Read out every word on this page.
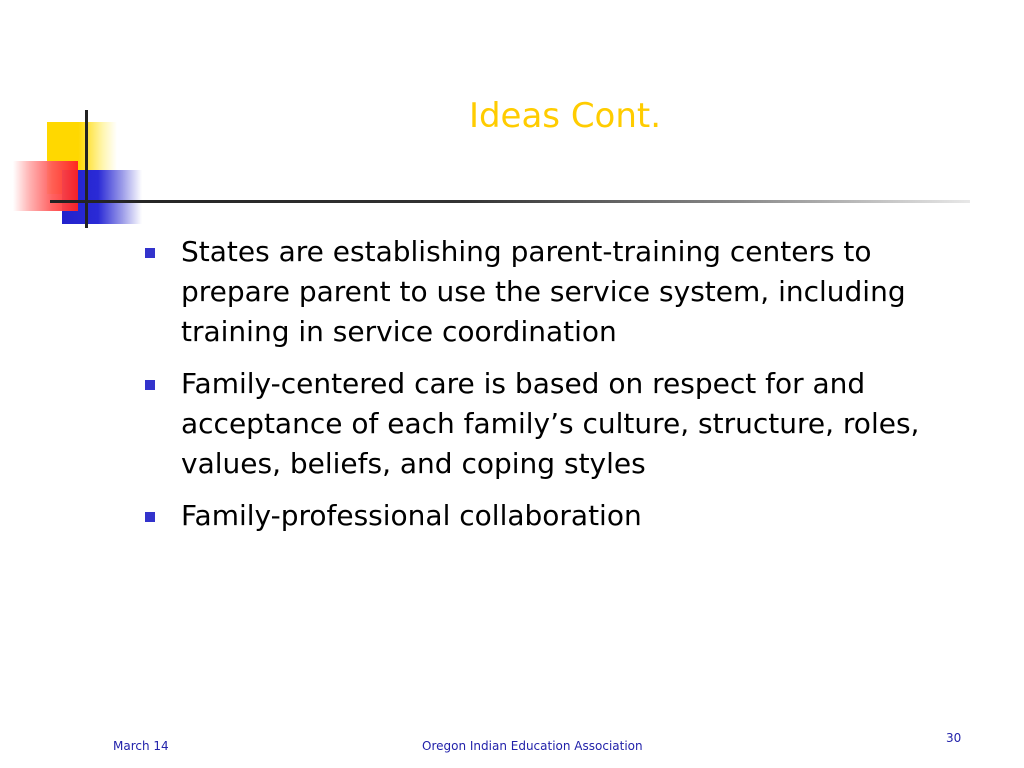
Ideas Cont.
States are establishing parent-training centers to prepare parent to use the service system, including training in service coordination
Family-centered care is based on respect for and acceptance of each family’s culture, structure, roles, values, beliefs, and coping styles
Family-professional collaboration
March 14	Oregon Indian Education Association
30
